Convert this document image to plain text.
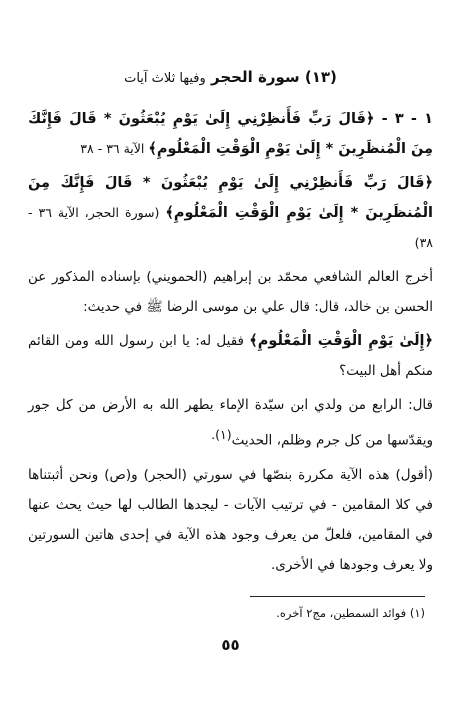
(١٣) سورة الحجر وفيها ثلاث آيات

١ - ٣ - ﴿قَالَ رَبِّ فَأَنظِرْنِي إِلَىٰ يَوْمِ يُبْعَثُونَ * قَالَ فَإِنَّكَ مِنَ الْمُنظَرِينَ * إِلَىٰ يَوْمِ الْوَقْتِ الْمَعْلُومِ﴾ الآية ٣٦ - ٣٨

﴿قَالَ رَبِّ فَأَنظِرْنِي إِلَىٰ يَوْمِ يُبْعَثُونَ * قَالَ فَإِنَّكَ مِنَ الْمُنظَرِينَ * إِلَىٰ يَوْمِ الْوَقْتِ الْمَعْلُومِ﴾ (سورة الحجر، الآية ٣٦ - ٣٨)

أخرج العالم الشافعي محمّد بن إبراهيم (الحمويني) بإسناده المذكور عن الحسن بن خالد، قال: قال علي بن موسى الرضا ﷺ في حديث:

﴿إِلَىٰ يَوْمِ الْوَقْتِ الْمَعْلُومِ﴾ فقيل له: يا ابن رسول الله ومن القائم منكم أهل البيت؟

قال: الرابع من ولدي ابن سيّدة الإماء يطهر الله به الأرض من كل جور ويقدّسها من كل جرم وظلم، الحديث$^{(١).}$

(أقول) هذه الآية مكررة بنصّها في سورتي (الحجر) و(ص) ونحن أثبتناها في كلا المقامين - في ترتيب الآيات - ليجدها الطالب لها حيث يحث عنها في المقامين، فلعلّ من يعرف وجود هذه الآية في إحدى هاتين السورتين ولا يعرف وجودها في الأخرى.

(١) فوائد السمطين، مج٢ آخره.
٥٥
